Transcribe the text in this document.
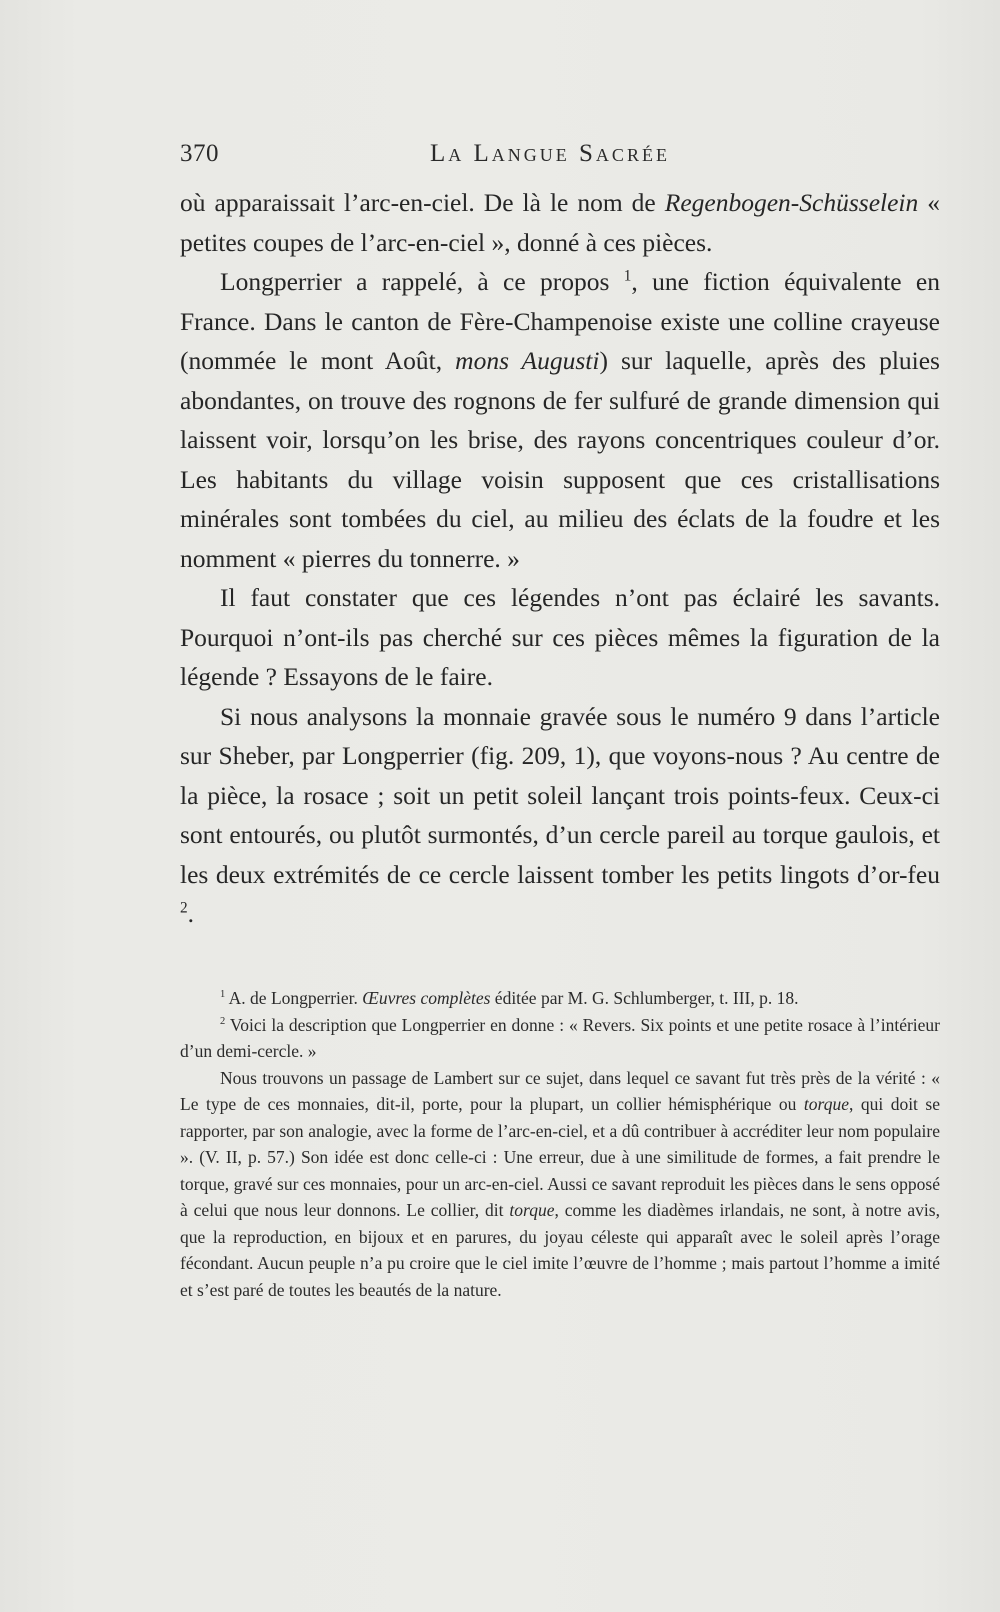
370	La Langue Sacrée

où apparaissait l’arc-en-ciel. De là le nom de Regenbogen-Schüsselein « petites coupes de l’arc-en-ciel », donné à ces pièces.

Longperrier a rappelé, à ce propos $^1$, une fiction équivalente en France. Dans le canton de Fère-Champenoise existe une colline crayeuse (nommée le mont Août, mons Augusti) sur laquelle, après des pluies abondantes, on trouve des rognons de fer sulfuré de grande dimension qui laissent voir, lorsqu’on les brise, des rayons concentriques couleur d’or. Les habitants du village voisin supposent que ces cristallisations minérales sont tombées du ciel, au milieu des éclats de la foudre et les nomment « pierres du tonnerre. »

Il faut constater que ces légendes n’ont pas éclairé les savants. Pourquoi n’ont-ils pas cherché sur ces pièces mêmes la figuration de la légende ? Essayons de le faire.

Si nous analysons la monnaie gravée sous le numéro 9 dans l’article sur Sheber, par Longperrier (fig. 209, 1), que voyons-nous ? Au centre de la pièce, la rosace ; soit un petit soleil lançant trois points-feux. Ceux-ci sont entourés, ou plutôt surmontés, d’un cercle pareil au torque gaulois, et les deux extrémités de ce cercle laissent tomber les petits lingots d’or-feu $^2$.

$^1$ A. de Longperrier. Œuvres complètes éditée par M. G. Schlumberger, t. III, p. 18.

$^2$ Voici la description que Longperrier en donne : « Revers. Six points et une petite rosace à l’intérieur d’un demi-cercle. »

Nous trouvons un passage de Lambert sur ce sujet, dans lequel ce savant fut très près de la vérité : « Le type de ces monnaies, dit-il, porte, pour la plupart, un collier hémisphérique ou torque, qui doit se rapporter, par son analogie, avec la forme de l’arc-en-ciel, et a dû contribuer à accréditer leur nom populaire ». (V. II, p. 57.) Son idée est donc celle-ci : Une erreur, due à une similitude de formes, a fait prendre le torque, gravé sur ces monnaies, pour un arc-en-ciel. Aussi ce savant reproduit les pièces dans le sens opposé à celui que nous leur donnons. Le collier, dit torque, comme les diadèmes irlandais, ne sont, à notre avis, que la reproduction, en bijoux et en parures, du joyau céleste qui apparaît avec le soleil après l’orage fécondant. Aucun peuple n’a pu croire que le ciel imite l’œuvre de l’homme ; mais partout l’homme a imité et s’est paré de toutes les beautés de la nature.
